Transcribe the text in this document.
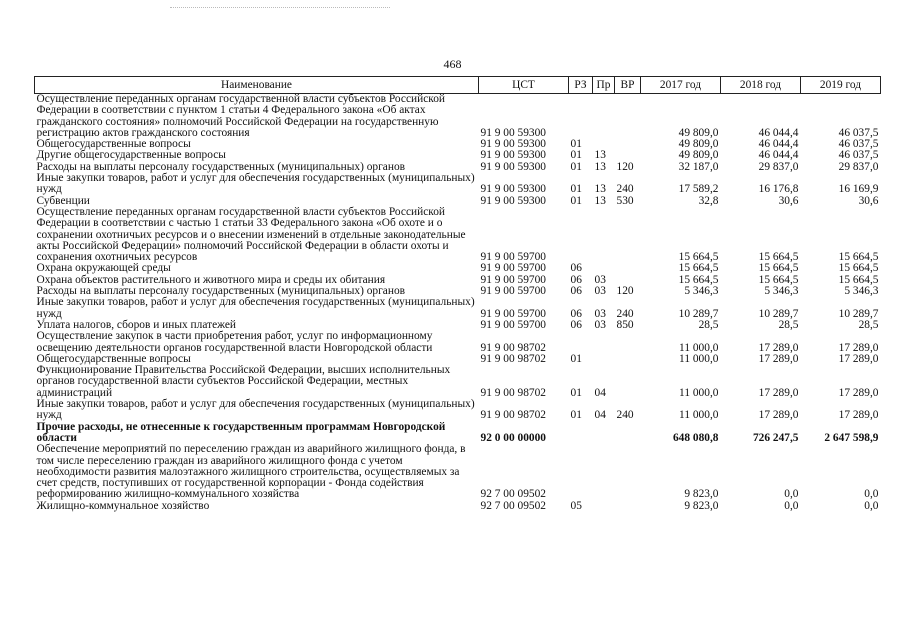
468
Наименование	ЦСТ	РЗ	Пр	ВР	2017 год	2018 год	2019 год
Осуществление переданных органам государственной власти субъектов Российской Федерации в соответствии с пунктом 1 статьи 4 Федерального закона «Об актах гражданского состояния» полномочий Российской Федерации на государственную регистрацию актов гражданского состояния	91 9 00 59300				49 809,0	46 044,4	46 037,5
Общегосударственные вопросы	91 9 00 59300	01			49 809,0	46 044,4	46 037,5
Другие общегосударственные вопросы	91 9 00 59300	01	13		49 809,0	46 044,4	46 037,5
Расходы на выплаты персоналу государственных (муниципальных) органов	91 9 00 59300	01	13	120	32 187,0	29 837,0	29 837,0
Иные закупки товаров, работ и услуг для обеспечения государственных (муниципальных) нужд	91 9 00 59300	01	13	240	17 589,2	16 176,8	16 169,9
Субвенции	91 9 00 59300	01	13	530	32,8	30,6	30,6
Осуществление переданных органам государственной власти субъектов Российской Федерации в соответствии с частью 1 статьи 33 Федерального закона «Об охоте и о сохранении охотничьих ресурсов и о внесении изменений в отдельные законодательные акты Российской Федерации» полномочий Российской Федерации в области охоты и сохранения охотничьих ресурсов	91 9 00 59700				15 664,5	15 664,5	15 664,5
Охрана окружающей среды	91 9 00 59700	06			15 664,5	15 664,5	15 664,5
Охрана объектов растительного и животного мира и среды их обитания	91 9 00 59700	06	03		15 664,5	15 664,5	15 664,5
Расходы на выплаты персоналу государственных (муниципальных) органов	91 9 00 59700	06	03	120	5 346,3	5 346,3	5 346,3
Иные закупки товаров, работ и услуг для обеспечения государственных (муниципальных) нужд	91 9 00 59700	06	03	240	10 289,7	10 289,7	10 289,7
Уплата налогов, сборов и иных платежей	91 9 00 59700	06	03	850	28,5	28,5	28,5
Осуществление закупок в части приобретения работ, услуг по информационному освещению деятельности органов государственной власти Новгородской области	91 9 00 98702				11 000,0	17 289,0	17 289,0
Общегосударственные вопросы	91 9 00 98702	01			11 000,0	17 289,0	17 289,0
Функционирование Правительства Российской Федерации, высших исполнительных органов государственной власти субъектов Российской Федерации, местных администраций	91 9 00 98702	01	04		11 000,0	17 289,0	17 289,0
Иные закупки товаров, работ и услуг для обеспечения государственных (муниципальных) нужд	91 9 00 98702	01	04	240	11 000,0	17 289,0	17 289,0
Прочие расходы, не отнесенные к государственным программам Новгородской области	92 0 00 00000				648 080,8	726 247,5	2 647 598,9
Обеспечение мероприятий по переселению граждан из аварийного жилищного фонда, в том числе переселению граждан из аварийного жилищного фонда с учетом необходимости развития малоэтажного жилищного строительства, осуществляемых за счет средств, поступивших от государственной корпорации - Фонда содействия реформированию жилищно-коммунального хозяйства	92 7 00 09502				9 823,0	0,0	0,0
Жилищно-коммунальное хозяйство	92 7 00 09502	05			9 823,0	0,0	0,0
